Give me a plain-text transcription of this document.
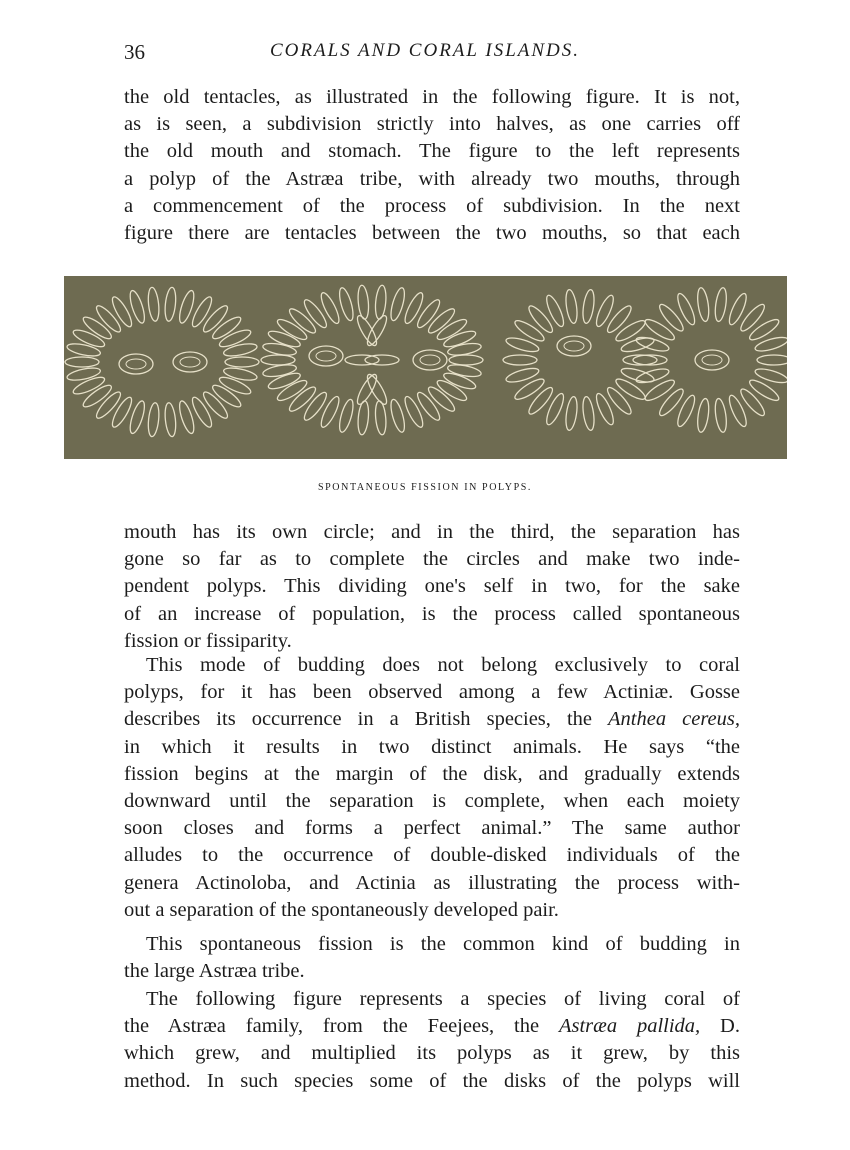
36	CORALS AND CORAL ISLANDS.
the old tentacles, as illustrated in the following figure. It is not,
as is seen, a subdivision strictly into halves, as one carries off
the old mouth and stomach. The figure to the left represents
a polyp of the Astræa tribe, with already two mouths, through
a commencement of the process of subdivision. In the next
figure there are tentacles between the two mouths, so that each
SPONTANEOUS FISSION IN POLYPS.
mouth has its own circle; and in the third, the separation has
gone so far as to complete the circles and make two inde-
pendent polyps. This dividing one's self in two, for the sake
of an increase of population, is the process called spontaneous
fission or fissiparity.
This mode of budding does not belong exclusively to coral
polyps, for it has been observed among a few Actiniæ. Gosse
describes its occurrence in a British species, the Anthea cereus,
in which it results in two distinct animals. He says “the
fission begins at the margin of the disk, and gradually extends
downward until the separation is complete, when each moiety
soon closes and forms a perfect animal.” The same author
alludes to the occurrence of double-disked individuals of the
genera Actinoloba, and Actinia as illustrating the process with-
out a separation of the spontaneously developed pair.
This spontaneous fission is the common kind of budding in
the large Astræa tribe.
The following figure represents a species of living coral of
the Astræa family, from the Feejees, the Astræa pallida, D.
which grew, and multiplied its polyps as it grew, by this
method. In such species some of the disks of the polyps will
